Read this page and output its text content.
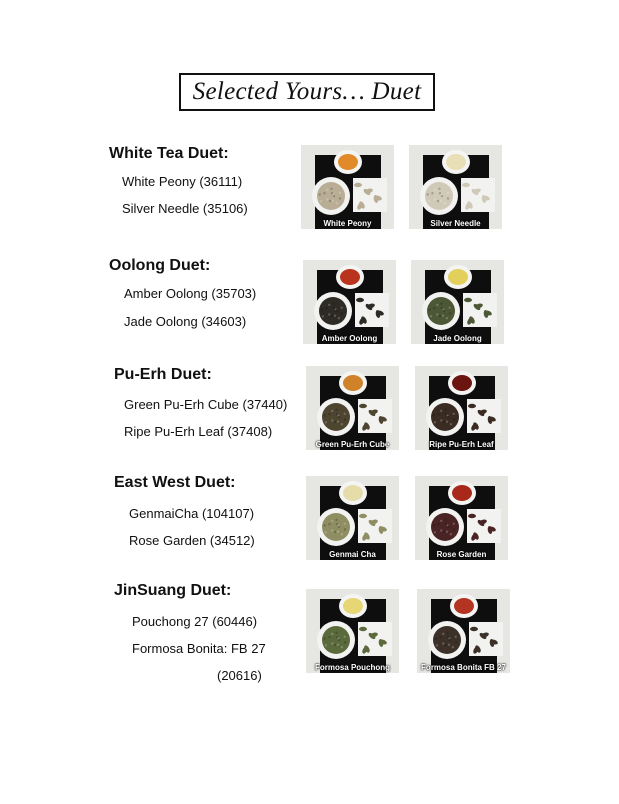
Selected Yours… Duet
White Tea Duet:
White Peony (36111)
Silver Needle (35106)
White Peony	Silver Needle
Oolong Duet:
Amber Oolong (35703)
Jade Oolong (34603)
Amber Oolong	Jade Oolong
Pu-Erh Duet:
Green Pu-Erh Cube (37440)
Ripe Pu-Erh Leaf (37408)
Green Pu-Erh Cube	Ripe Pu-Erh Leaf
East West Duet:
GenmaiCha (104107)
Rose Garden (34512)
Genmai Cha	Rose Garden
JinSuang Duet:
Pouchong 27 (60446)
Formosa Bonita: FB 27
(20616)
Formosa Pouchong	Formosa Bonita FB 27
